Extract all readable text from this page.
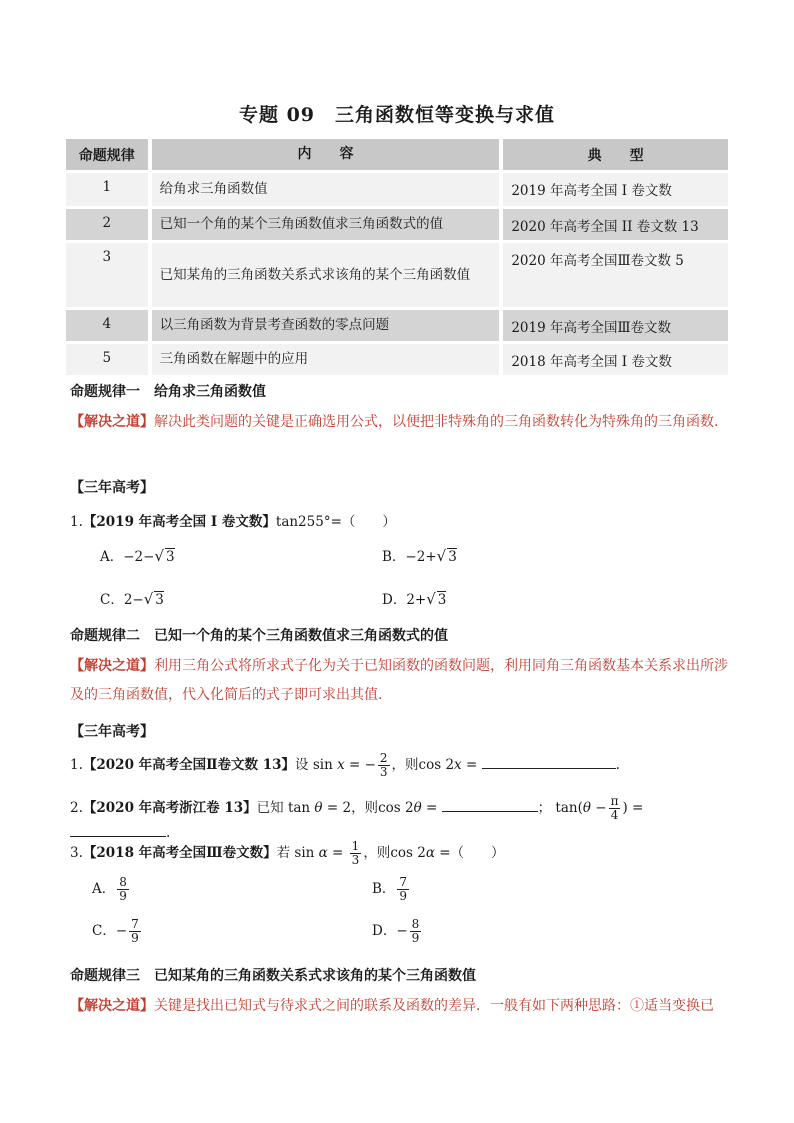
专题 09　三角函数恒等变换与求值
命题规律	内　　容	典　　型
1	给角求三角函数值	2019 年高考全国 I 卷文数
2	已知一个角的某个三角函数值求三角函数式的值	2020 年高考全国 II 卷文数 13
3	已知某角的三角函数关系式求该角的某个三角函数值	2020 年高考全国Ⅲ卷文数 5
4	以三角函数为背景考查函数的零点问题	2019 年高考全国Ⅲ卷文数
5	三角函数在解题中的应用	2018 年高考全国 I 卷文数
命题规律一　给角求三角函数值
【解决之道】解决此类问题的关键是正确选用公式，以便把非特殊角的三角函数转化为特殊角的三角函数.
【三年高考】
1.【2019 年高考全国 I 卷文数】tan255°=（　　）
A．−2−√ 3	B．−2+√ 3
C．2−√ 3	D．2+√ 3
命题规律二　已知一个角的某个三角函数值求三角函数式的值
【解决之道】利用三角公式将所求式子化为关于已知函数的函数问题，利用同角三角函数基本关系求出所涉及的三角函数值，代入化简后的式子即可求出其值.
【三年高考】
1.【2020 年高考全国Ⅱ卷文数 13】设 sin x = − $\frac{2}{3}$ ，则cos 2x =	.
2.【2020 年高考浙江卷 13】已知 tan θ = 2，则cos 2θ =	； $\tan(\theta - \frac{\pi}{4}$ ) = .
3.【2018 年高考全国Ⅲ卷文数】若 $\sin \alpha = \frac{1}{3}$ ，则cos 2α =（　　）
A． $\frac{8}{9}$	B． $\frac{7}{9}$
C．− $\frac{7}{9}$	D．− $\frac{8}{9}$
命题规律三　已知某角的三角函数关系式求该角的某个三角函数值
【解决之道】关键是找出已知式与待求式之间的联系及函数的差异．一般有如下两种思路：①适当变换已
